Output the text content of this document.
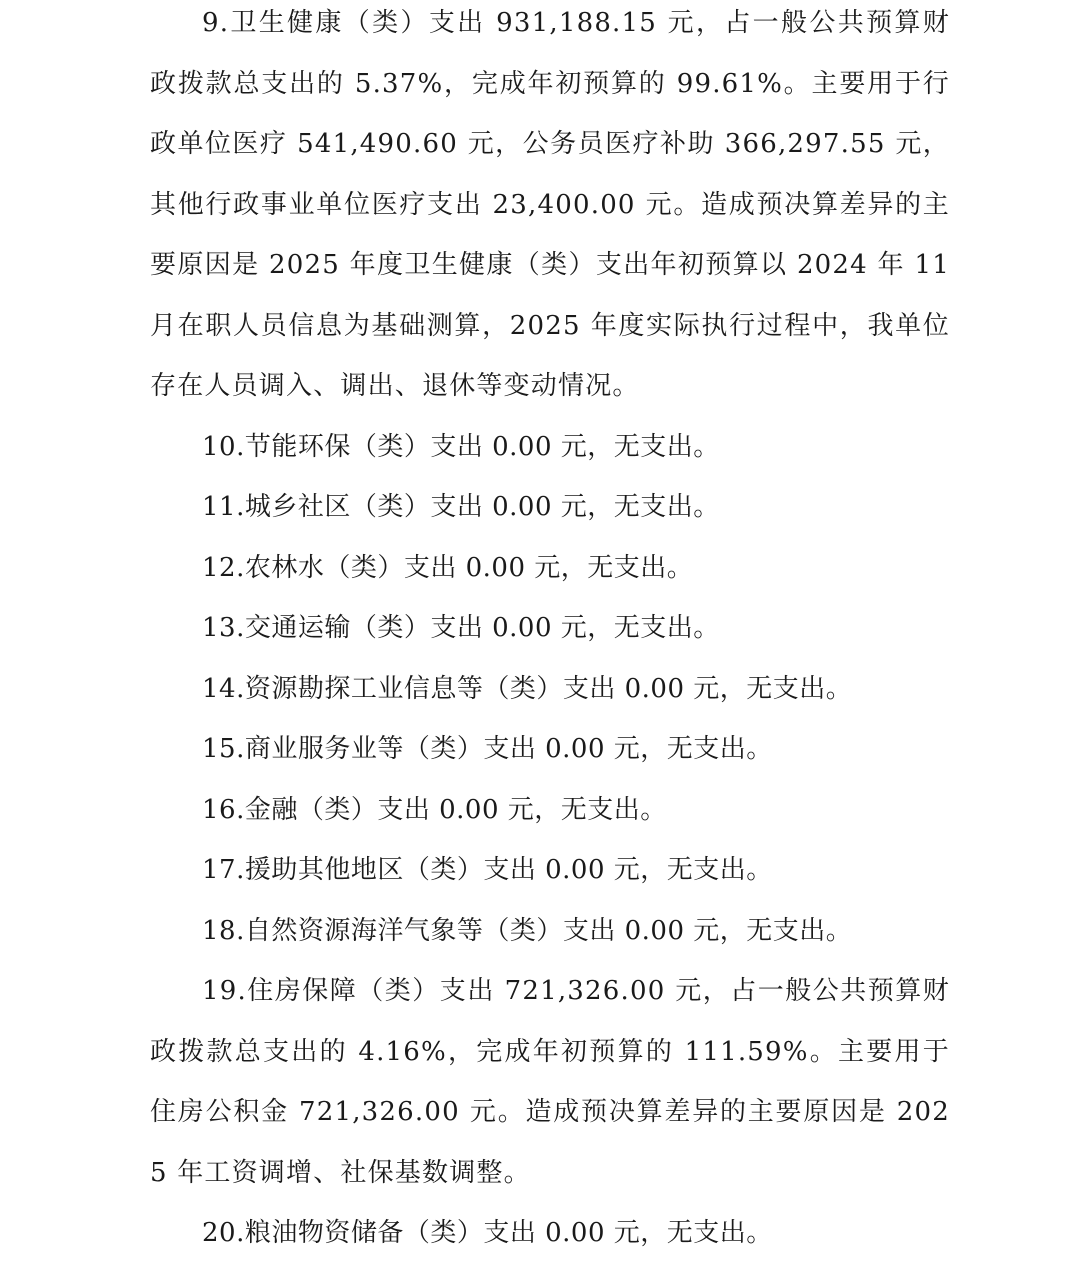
9.卫生健康（类）支出 931,188.15 元，占一般公共预算财政拨款总支出的 5.37%，完成年初预算的 99.61%。主要用于行政单位医疗 541,490.60 元，公务员医疗补助 366,297.55 元，其他行政事业单位医疗支出 23,400.00 元。造成预决算差异的主要原因是 2025 年度卫生健康（类）支出年初预算以 2024 年 11 月在职人员信息为基础测算，2025 年度实际执行过程中，我单位存在人员调入、调出、退休等变动情况。

10.节能环保（类）支出 0.00 元，无支出。

11.城乡社区（类）支出 0.00 元，无支出。

12.农林水（类）支出 0.00 元，无支出。

13.交通运输（类）支出 0.00 元，无支出。

14.资源勘探工业信息等（类）支出 0.00 元，无支出。

15.商业服务业等（类）支出 0.00 元，无支出。

16.金融（类）支出 0.00 元，无支出。

17.援助其他地区（类）支出 0.00 元，无支出。

18.自然资源海洋气象等（类）支出 0.00 元，无支出。

19.住房保障（类）支出 721,326.00 元，占一般公共预算财政拨款总支出的 4.16%，完成年初预算的 111.59%。主要用于住房公积金 721,326.00 元。造成预决算差异的主要原因是 2025 年工资调增、社保基数调整。

20.粮油物资储备（类）支出 0.00 元，无支出。
